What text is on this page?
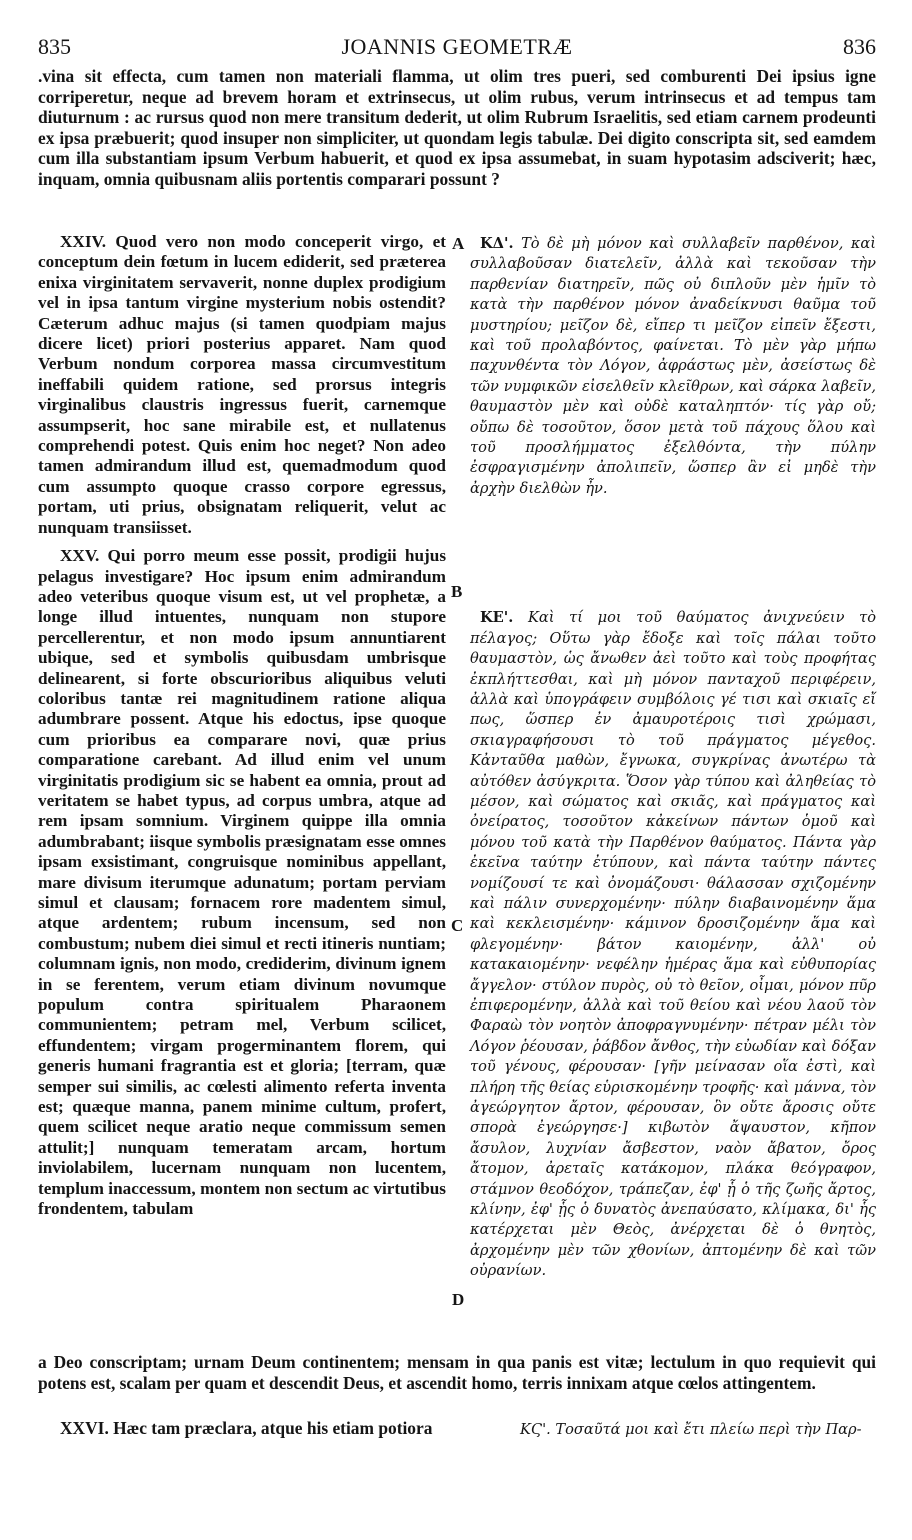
835	JOANNIS GEOMETRÆ	836
.vina sit effecta, cum tamen non materiali flamma, ut olim tres pueri, sed comburenti Dei ipsius igne corriperetur, neque ad brevem horam et extrinsecus, ut olim rubus, verum intrinsecus et ad tempus tam diuturnum : ac rursus quod non mere transitum dederit, ut olim Rubrum Israelitis, sed etiam carnem prodeunti ex ipsa præbuerit; quod insuper non simpliciter, ut quondam legis tabulæ. Dei digito conscripta sit, sed eamdem cum illa substantiam ipsum Verbum habuerit, et quod ex ipsa assumebat, in suam hypotasim adsciverit; hæc, inquam, omnia quibusnam aliis portentis comparari possunt ?

XXIV. Quod vero non modo conceperit virgo, et conceptum dein fœtum in lucem ediderit, sed præterea enixa virginitatem servaverit, nonne duplex prodigium vel in ipsa tantum virgine mysterium nobis ostendit? Cæterum adhuc majus (si tamen quodpiam majus dicere licet) priori posterius apparet. Nam quod Verbum nondum corporea massa circumvestitum ineffabili quidem ratione, sed prorsus integris virginalibus claustris ingressus fuerit, carnemque assumpserit, hoc sane mirabile est, et nullatenus comprehendi potest. Quis enim hoc neget? Non adeo tamen admirandum illud est, quemadmodum quod cum assumpto quoque crasso corpore egressus, portam, uti prius, obsignatam reliquerit, velut ac nunquam transiisset.

XXV. Qui porro meum esse possit, prodigii hujus pelagus investigare? Hoc ipsum enim admirandum adeo veteribus quoque visum est, ut vel prophetæ, a longe illud intuentes, nunquam non stupore percellerentur, et non modo ipsum annuntiarent ubique, sed et symbolis quibusdam umbrisque delinearent, si forte obscurioribus aliquibus veluti coloribus tantæ rei magnitudinem ratione aliqua adumbrare possent. Atque his edoctus, ipse quoque cum prioribus ea comparare novi, quæ prius comparatione carebant. Ad illud enim vel unum virginitatis prodigium sic se habent ea omnia, prout ad veritatem se habet typus, ad corpus umbra, atque ad rem ipsam somnium. Virginem quippe illa omnia adumbrabant; iisque symbolis præsignatam esse omnes ipsam exsistimant, congruisque nominibus appellant, mare divisum iterumque adunatum; portam perviam simul et clausam; fornacem rore madentem simul, atque ardentem; rubum incensum, sed non combustum; nubem diei simul et recti itineris nuntiam; columnam ignis, non modo, crediderim, divinum ignem in se ferentem, verum etiam divinum novumque populum contra spiritualem Pharaonem communientem; petram mel, Verbum scilicet, effundentem; virgam progerminantem florem, qui generis humani fragrantia est et gloria; [terram, quæ semper sui similis, ac cœlesti alimento referta inventa est; quæque manna, panem minime cultum, profert, quem scilicet neque aratio neque commissum semen attulit;] nunquam temeratam arcam, hortum inviolabilem, lucernam nunquam non lucentem, templum inaccessum, montem non sectum ac virtutibus frondentem, tabulam

ΚΔ'. Τὸ δὲ μὴ μόνον καὶ συλλαβεῖν παρθένον, καὶ συλλαβοῦσαν διατελεῖν, ἀλλὰ καὶ τεκοῦσαν τὴν παρθενίαν διατηρεῖν, πῶς οὐ διπλοῦν μὲν ἡμῖν τὸ κατὰ τὴν παρθένον μόνον ἀναδείκνυσι θαῦμα τοῦ μυστηρίου; μεῖζον δὲ, εἴπερ τι μεῖζον εἰπεῖν ἔξεστι, καὶ τοῦ προλαβόντος, φαίνεται. Τὸ μὲν γὰρ μήπω παχυνθέντα τὸν Λόγον, ἀφράστως μὲν, ἀσείστως δὲ τῶν νυμφικῶν εἰσελθεῖν κλεῖθρων, καὶ σάρκα λαβεῖν, θαυμαστὸν μὲν καὶ οὐδὲ καταληπτόν· τίς γὰρ οὔ; οὔπω δὲ τοσοῦτον, ὅσον μετὰ τοῦ πάχους ὅλου καὶ τοῦ προσλήμματος ἐξελθόντα, τὴν πύλην ἐσφραγισμένην ἀπολιπεῖν, ὥσπερ ἂν εἰ μηδὲ τὴν ἀρχὴν διελθὼν ἦν.

ΚΕ'. Καὶ τί μοι τοῦ θαύματος ἀνιχνεύειν τὸ πέλαγος; Οὕτω γὰρ ἔδοξε καὶ τοῖς πάλαι τοῦτο θαυμαστὸν, ὡς ἄνωθεν ἀεὶ τοῦτο καὶ τοὺς προφήτας ἐκπλήττεσθαι, καὶ μὴ μόνον πανταχοῦ περιφέρειν, ἀλλὰ καὶ ὑπογράφειν συμβόλοις γέ τισι καὶ σκιαῖς εἴ πως, ὥσπερ ἐν ἀμαυροτέροις τισὶ χρώμασι, σκιαγραφήσουσι τὸ τοῦ πράγματος μέγεθος. Κἀνταῦθα μαθὼν, ἔγνωκα, συγκρίνας ἀνωτέρω τὰ αὐτόθεν ἀσύγκριτα. Ὅσον γὰρ τύπου καὶ ἀληθείας τὸ μέσον, καὶ σώματος καὶ σκιᾶς, καὶ πράγματος καὶ ὀνείρατος, τοσοῦτον κἀκείνων πάντων ὁμοῦ καὶ μόνου τοῦ κατὰ τὴν Παρθένον θαύματος. Πάντα γὰρ ἐκεῖνα ταύτην ἐτύπουν, καὶ πάντα ταύτην πάντες νομίζουσί τε καὶ ὀνομάζουσι· θάλασσαν σχιζομένην καὶ πάλιν συνερχομένην· πύλην διαβαινομένην ἅμα καὶ κεκλεισμένην· κάμινον δροσιζομένην ἅμα καὶ φλεγομένην· βάτον καιομένην, ἀλλ' οὐ κατακαιομένην· νεφέλην ἡμέρας ἅμα καὶ εὐθυπορίας ἄγγελον· στύλον πυρὸς, οὐ τὸ θεῖον, οἶμαι, μόνον πῦρ ἐπιφερομένην, ἀλλὰ καὶ τοῦ θείου καὶ νέου λαοῦ τὸν Φαραὼ τὸν νοητὸν ἀποφραγνυμένην· πέτραν μέλι τὸν Λόγον ῥέουσαν, ῥάβδον ἄνθος, τὴν εὐωδίαν καὶ δόξαν τοῦ γένους, φέρουσαν· [γῆν μείνασαν οἵα ἐστὶ, καὶ πλήρη τῆς θείας εὑρισκομένην τροφῆς· καὶ μάννα, τὸν ἀγεώργητον ἄρτον, φέρουσαν, ὃν οὔτε ἄροσις οὔτε σπορὰ ἐγεώργησε·] κιβωτὸν ἄψαυστον, κῆπον ἄσυλον, λυχνίαν ἄσβεστον, ναὸν ἄβατον, ὄρος ἄτομον, ἀρεταῖς κατάκομον, πλάκα θεόγραφον, στάμνον θεοδόχον, τράπεζαν, ἐφ' ᾗ ὁ τῆς ζωῆς ἄρτος, κλίνην, ἐφ' ᾗς ὁ δυνατὸς ἀνεπαύσατο, κλίμακα, δι' ἧς κατέρχεται μὲν Θεὸς, ἀνέρχεται δὲ ὁ θνητὸς, ἀρχομένην μὲν τῶν χθονίων, ἀπτομένην δὲ καὶ τῶν οὐρανίων.

A
B
C
D
a Deo conscriptam; urnam Deum continentem; mensam in qua panis est vitæ; lectulum in quo requievit qui potens est, scalam per quam et descendit Deus, et ascendit homo, terris innixam atque cœlos attingentem.
XXVI. Hæc tam præclara, atque his etiam potiora	ΚϚ'. Τοσαῦτά μοι καὶ ἔτι πλείω περὶ τὴν Παρ-
